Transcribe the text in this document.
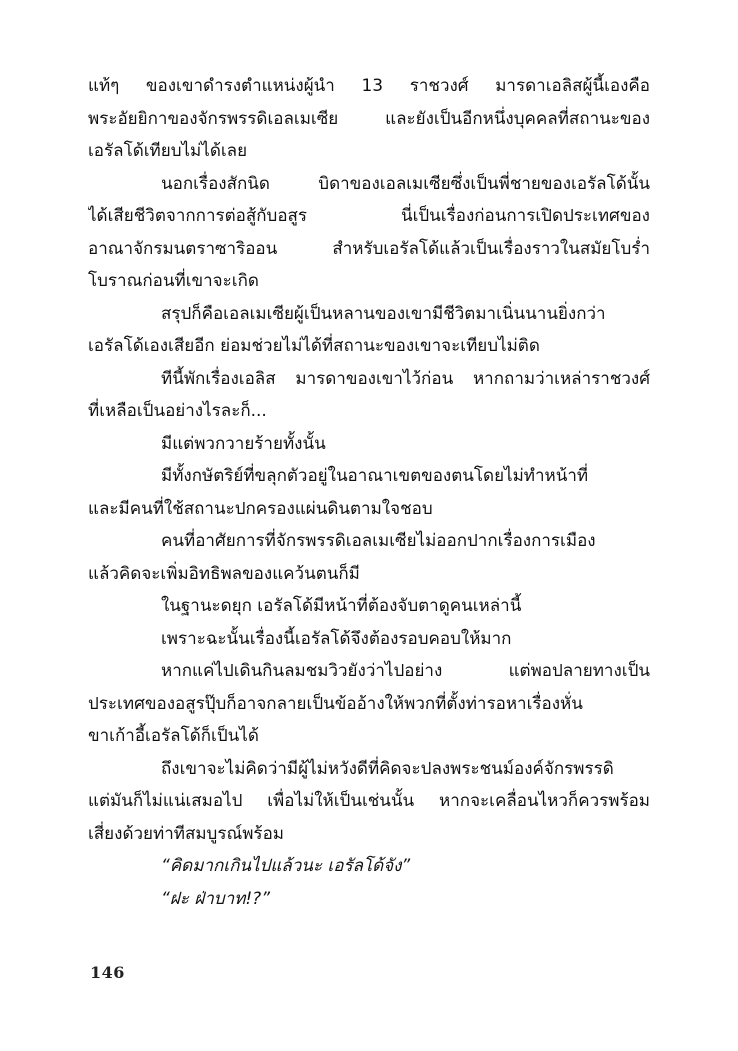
แท้ๆ ของเขาดำรงตำแหน่งผู้นำ 13 ราชวงศ์ มารดาเอลิสผู้นี้เองคือ
พระอัยยิกาของจักรพรรดิเอลเมเซีย และยังเป็นอีกหนึ่งบุคคลที่สถานะของ
เอรัลโด้เทียบไม่ได้เลย
นอกเรื่องสักนิด บิดาของเอลเมเซียซึ่งเป็นพี่ชายของเอรัลโด้นั้น
ได้เสียชีวิตจากการต่อสู้กับอสูร นี่เป็นเรื่องก่อนการเปิดประเทศของ
อาณาจักรมนตราซาริออน สำหรับเอรัลโด้แล้วเป็นเรื่องราวในสมัยโบร่ำ
โบราณก่อนที่เขาจะเกิด
สรุปก็คือเอลเมเซียผู้เป็นหลานของเขามีชีวิตมาเนิ่นนานยิ่งกว่า
เอรัลโด้เองเสียอีก ย่อมช่วยไม่ได้ที่สถานะของเขาจะเทียบไม่ติด
ทีนี้พักเรื่องเอลิส มารดาของเขาไว้ก่อน หากถามว่าเหล่าราชวงศ์
ที่เหลือเป็นอย่างไรละก็...
มีแต่พวกวายร้ายทั้งนั้น
มีทั้งกษัตริย์ที่ขลุกตัวอยู่ในอาณาเขตของตนโดยไม่ทำหน้าที่
และมีคนที่ใช้สถานะปกครองแผ่นดินตามใจชอบ
คนที่อาศัยการที่จักรพรรดิเอลเมเซียไม่ออกปากเรื่องการเมือง
แล้วคิดจะเพิ่มอิทธิพลของแคว้นตนก็มี
ในฐานะดยุก เอรัลโด้มีหน้าที่ต้องจับตาดูคนเหล่านี้
เพราะฉะนั้นเรื่องนี้เอรัลโด้จึงต้องรอบคอบให้มาก
หากแค่ไปเดินกินลมชมวิวยังว่าไปอย่าง แต่พอปลายทางเป็น
ประเทศของอสูรปุ๊บก็อาจกลายเป็นข้ออ้างให้พวกที่ตั้งท่ารอหาเรื่องหั่น
ขาเก้าอี้เอรัลโด้ก็เป็นได้
ถึงเขาจะไม่คิดว่ามีผู้ไม่หวังดีที่คิดจะปลงพระชนม์องค์จักรพรรดิ
แต่มันก็ไม่แน่เสมอไป เพื่อไม่ให้เป็นเช่นนั้น หากจะเคลื่อนไหวก็ควรพร้อม
เสี่ยงด้วยท่าทีสมบูรณ์พร้อม
“คิดมากเกินไปแล้วนะ เอรัลโด้จัง”
“ฝะ ฝ่าบาท!?”
146
